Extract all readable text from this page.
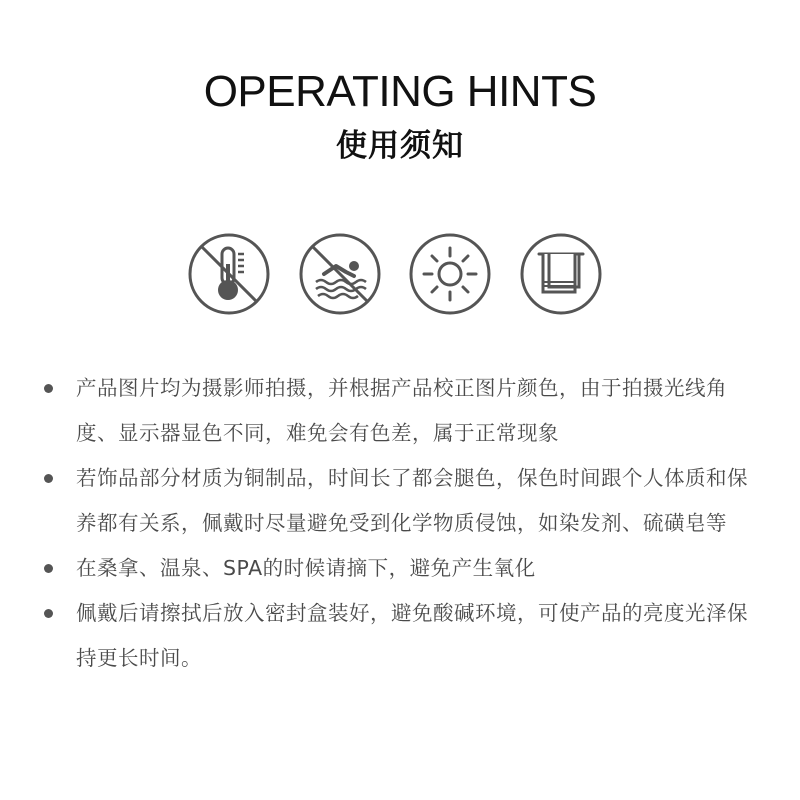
OPERATING HINTS
使用须知
产品图片均为摄影师拍摄，并根据产品校正图片颜色，由于拍摄光线角度、显示器显色不同，难免会有色差，属于正常现象
若饰品部分材质为铜制品，时间长了都会腿色，保色时间跟个人体质和保养都有关系，佩戴时尽量避免受到化学物质侵蚀，如染发剂、硫磺皂等
在桑拿、温泉、SPA的时候请摘下，避免产生氧化
佩戴后请擦拭后放入密封盒装好，避免酸碱环境，可使产品的亮度光泽保持更长时间。
